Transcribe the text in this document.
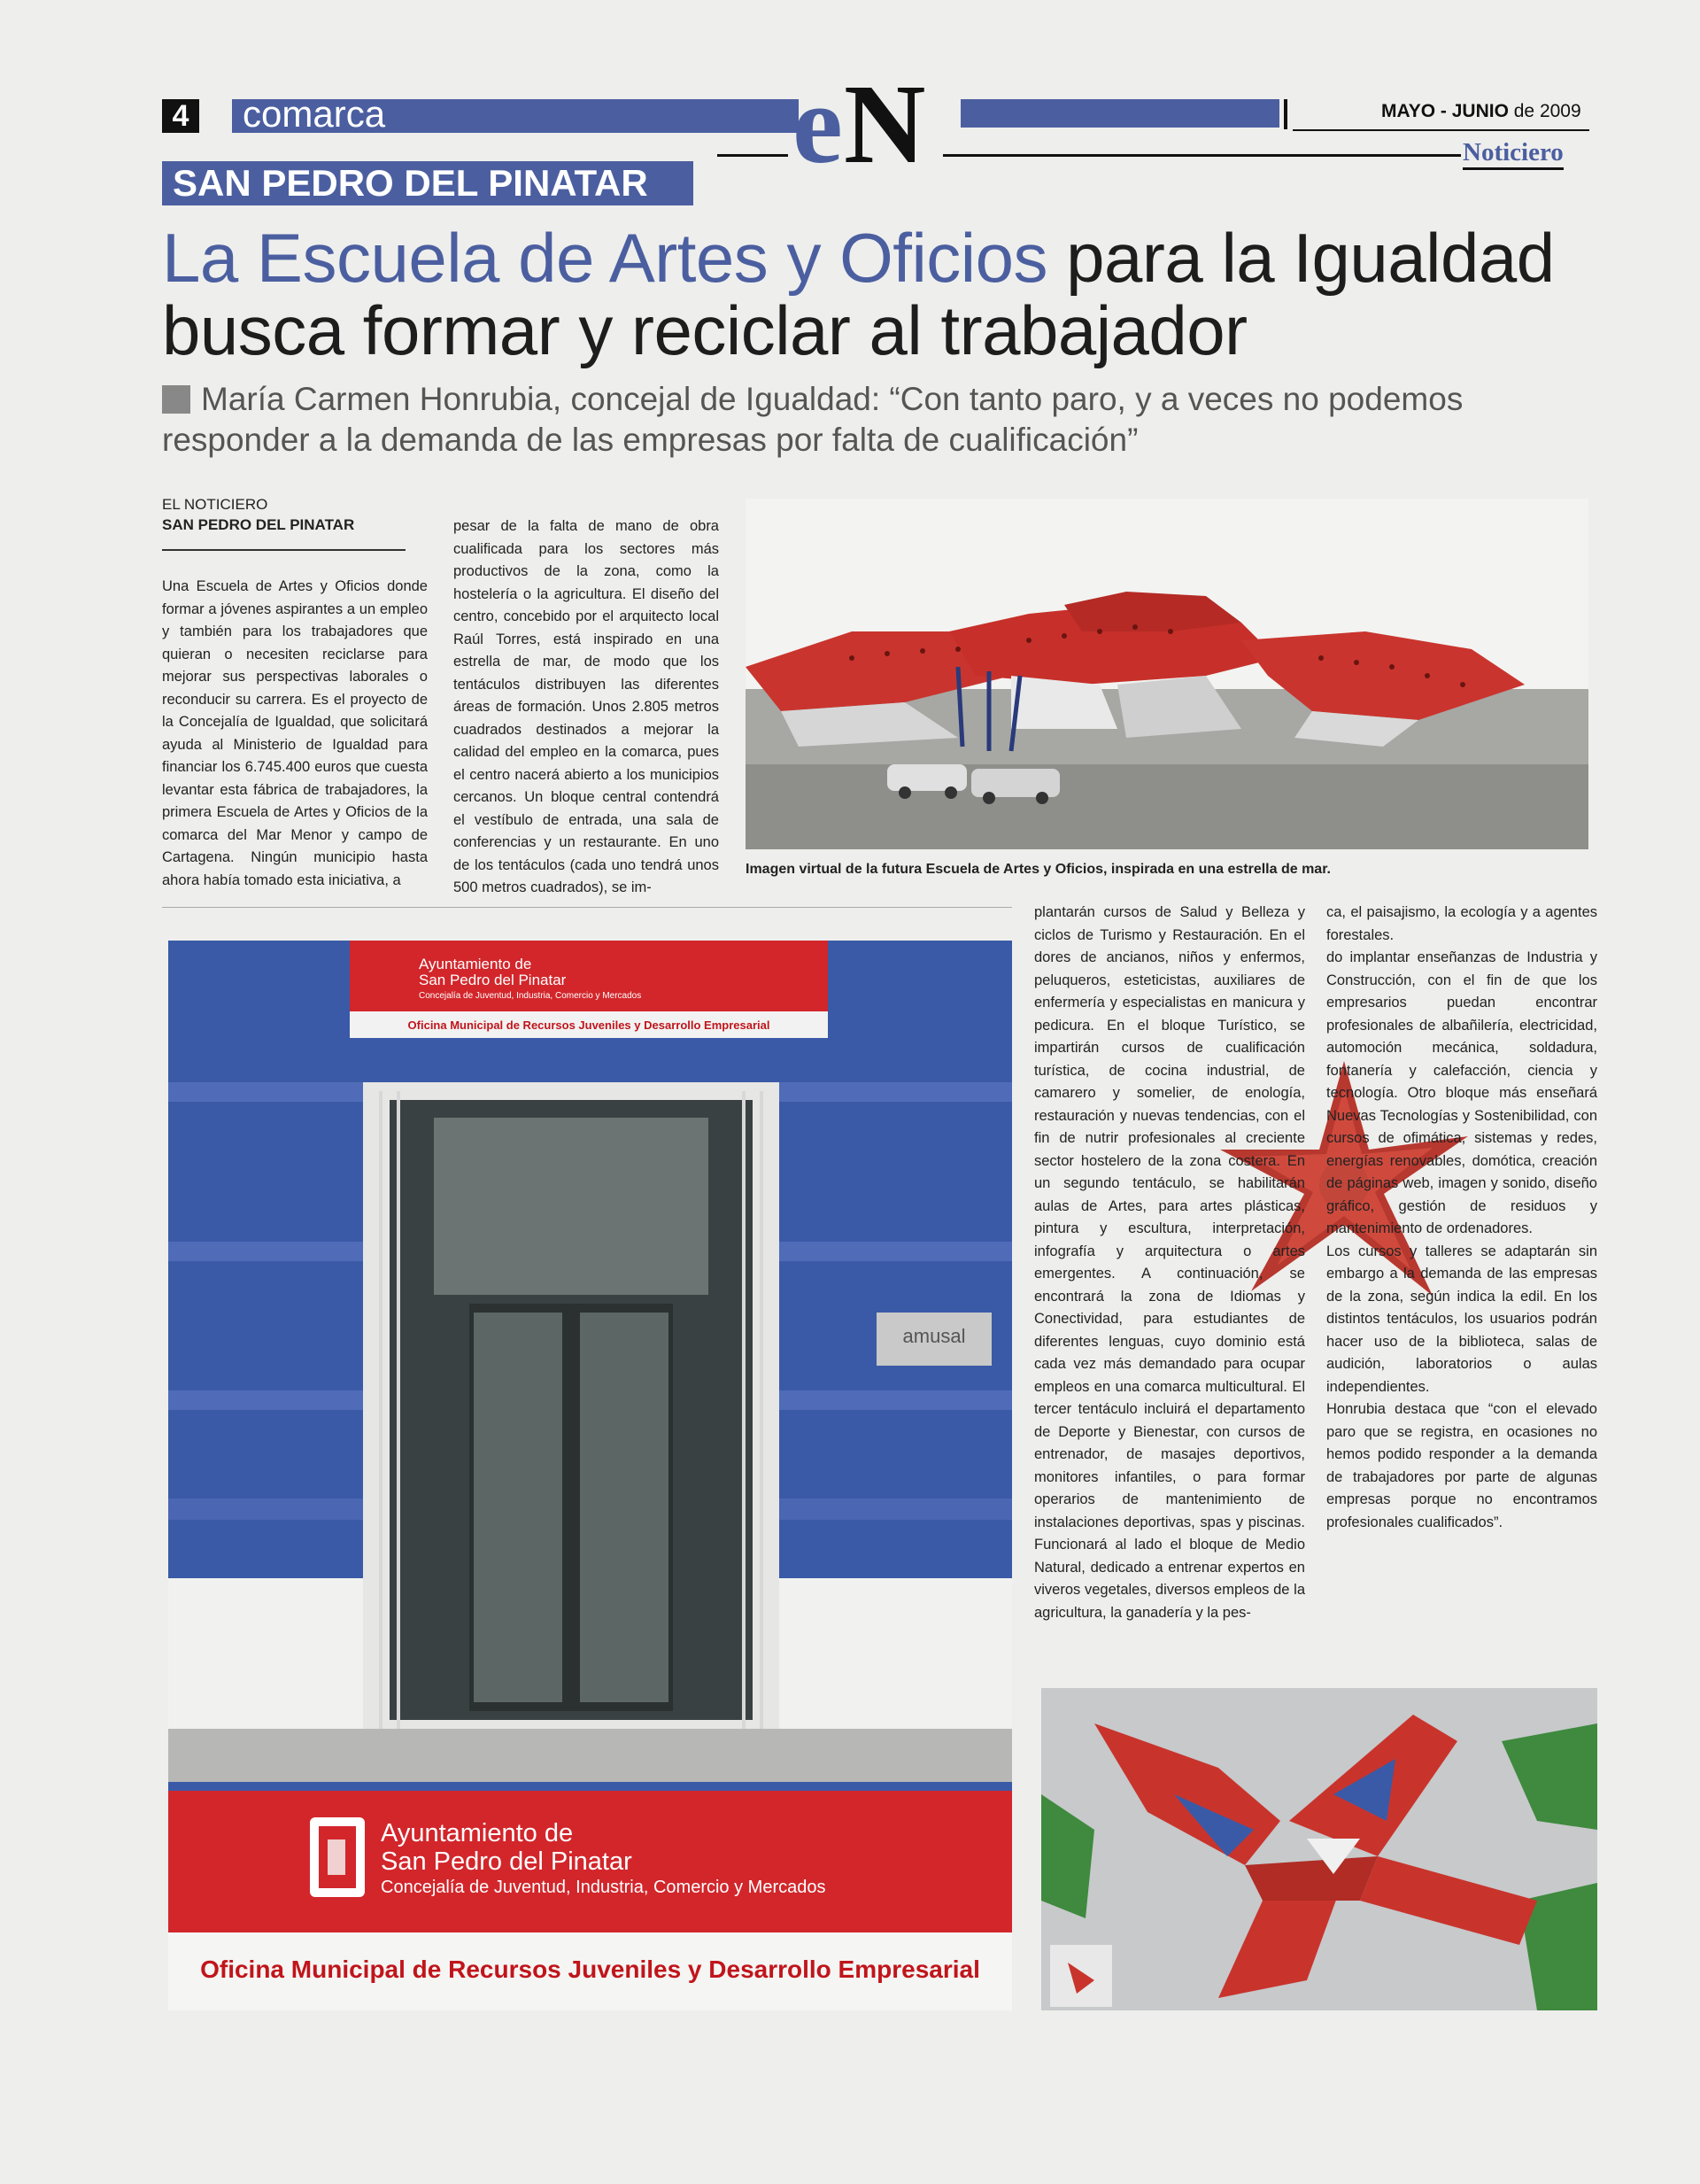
4 comarca	e N	MAYO - JUNIO de 2009
Noticiero
SAN PEDRO DEL PINATAR
La Escuela de Artes y Oficios para la Igualdad busca formar y reciclar al trabajador
María Carmen Honrubia, concejal de Igualdad: “Con tanto paro, y a veces no podemos responder a la demanda de las empresas por falta de cualificación”
EL NOTICIERO
SAN PEDRO DEL PINATAR

Una Escuela de Artes y Oficios donde formar a jóvenes aspirantes a un empleo y también para los trabajadores que quieran o necesiten reciclarse para mejorar sus perspectivas laborales o reconducir su carrera. Es el proyecto de la Concejalía de Igualdad, que solicitará ayuda al Ministerio de Igualdad para financiar los 6.745.400 euros que cuesta levantar esta fábrica de trabajadores, la primera Escuela de Artes y Oficios de la comarca del Mar Menor y campo de Cartagena. Ningún municipio hasta ahora había tomado esta iniciativa, a

pesar de la falta de mano de obra cualificada para los sectores más productivos de la zona, como la hostelería o la agricultura. El diseño del centro, concebido por el arquitecto local Raúl Torres, está inspirado en una estrella de mar, de modo que los tentáculos distribuyen las diferentes áreas de formación. Unos 2.805 metros cuadrados destinados a mejorar la calidad del empleo en la comarca, pues el centro nacerá abierto a los municipios cercanos. Un bloque central contendrá el vestíbulo de entrada, una sala de conferencias y un restaurante. En uno de los tentáculos (cada uno tendrá unos 500 metros cuadrados), se im-

Imagen virtual de la futura Escuela de Artes y Oficios, inspirada en una estrella de mar.
Ayuntamiento de
San Pedro del Pinatar
Concejalía de Juventud, Industria, Comercio y Mercados
Oficina Municipal de Recursos Juveniles y Desarrollo Empresarial
amusal
Ayuntamiento de
San Pedro del Pinatar
Concejalía de Juventud, Industria, Comercio y Mercados
Oficina Municipal de Recursos Juveniles y Desarrollo Empresarial

plantarán cursos de Salud y Belleza y ciclos de Turismo y Restauración. En el dores de ancianos, niños y enfermos, peluqueros, esteticistas, auxiliares de enfermería y especialistas en manicura y pedicura. En el bloque Turístico, se impartirán cursos de cualificación turística, de cocina industrial, de camarero y somelier, de enología, restauración y nuevas tendencias, con el fin de nutrir profesionales al creciente sector hostelero de la zona costera. En un segundo tentáculo, se habilitarán aulas de Artes, para artes plásticas, pintura y escultura, interpretación, infografía y arquitectura o artes emergentes. A continuación, se encontrará la zona de Idiomas y Conectividad, para estudiantes de diferentes lenguas, cuyo dominio está cada vez más demandado para ocupar empleos en una comarca multicultural. El tercer tentáculo incluirá el departamento de Deporte y Bienestar, con cursos de entrenador, de masajes deportivos, monitores infantiles, o para formar operarios de mantenimiento de instalaciones deportivas, spas y piscinas. Funcionará al lado el bloque de Medio Natural, dedicado a entrenar expertos en viveros vegetales, diversos empleos de la agricultura, la ganadería y la pes-

ca, el paisajismo, la ecología y a agentes forestales.

do implantar enseñanzas de Industria y Construcción, con el fin de que los empresarios puedan encontrar profesionales de albañilería, electricidad, automoción mecánica, soldadura, fontanería y calefacción, ciencia y tecnología. Otro bloque más enseñará Nuevas Tecnologías y Sostenibilidad, con cursos de ofimática, sistemas y redes, energías renovables, domótica, creación de páginas web, imagen y sonido, diseño gráfico, gestión de residuos y mantenimiento de ordenadores.

Los cursos y talleres se adaptarán sin embargo a la demanda de las empresas de la zona, según indica la edil. En los distintos tentáculos, los usuarios podrán hacer uso de la biblioteca, salas de audición, laboratorios o aulas independientes.

Honrubia destaca que “con el elevado paro que se registra, en ocasiones no hemos podido responder a la demanda de trabajadores por parte de algunas empresas porque no encontramos profesionales cualificados”.
